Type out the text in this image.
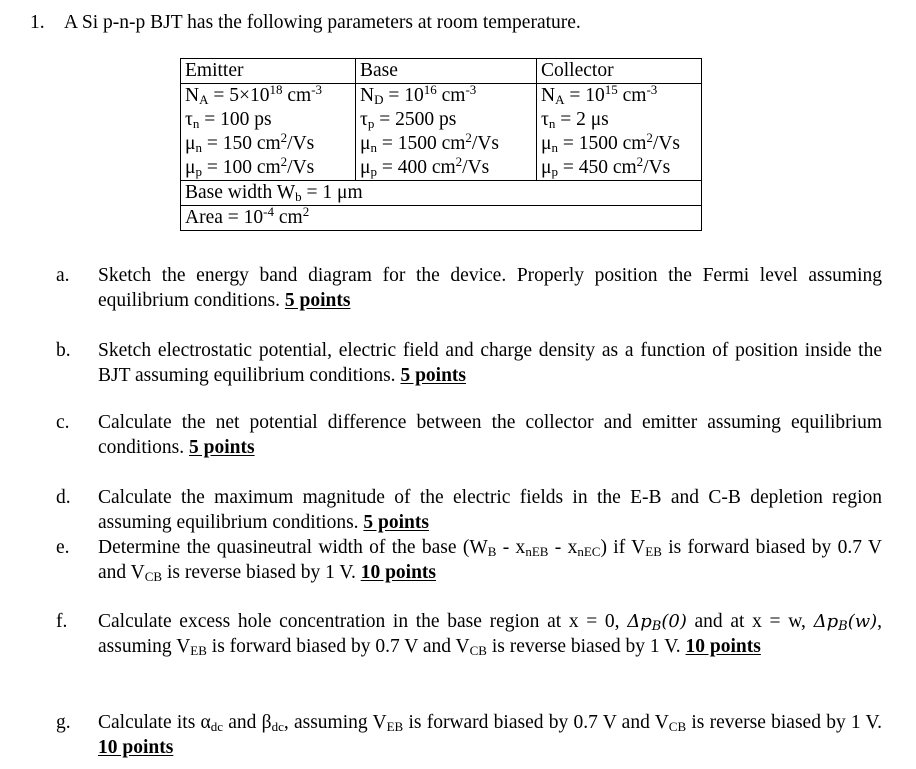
1. A Si p-n-p BJT has the following parameters at room temperature.
Emitter	Base	Collector
$N_A = 5\times 10^{18}$ $cm^{-3}$	$N_D = 10^{16}$ $cm^{-3}$	$N_A = 10^{15}$ $cm^{-3}$
$\tau_n = 100$ ps	$\tau_p = 2500$ ps	$\tau_n = 2$ μs
$\mu_n = 150$ $cm^2/Vs$	$\mu_n = 1500$ $cm^2/Vs$	$\mu_n = 1500$ $cm^2/Vs$
$\mu_p = 100$ $cm^2/Vs$	$\mu_p = 400$ $cm^2/Vs$	$\mu_p = 450$ $cm^2/Vs$
Base width $W_b = 1$ μm		
Area = $10^{-4}$ $cm^2$
a.	Sketch the energy band diagram for the device. Properly position the Fermi level assuming equilibrium conditions. 5 points
b.	Sketch electrostatic potential, electric field and charge density as a function of position inside the BJT assuming equilibrium conditions. 5 points
c.	Calculate the net potential difference between the collector and emitter assuming equilibrium conditions. 5 points
d.	Calculate the maximum magnitude of the electric fields in the E-B and C-B depletion region assuming equilibrium conditions. 5 points
e.	Determine the quasineutral width of the base $(W_B - x_{nEB} - x_{nEC})$ if $V_{EB}$ is forward biased by 0.7 V and $V_{CB}$ is reverse biased by 1 V. 10 points
f.	Calculate excess hole concentration in the base region at x = 0, $\Delta p_B(0)$ and at x = w, $\Delta p_B(w)$, assuming $V_{EB}$ is forward biased by 0.7 V and $V_{CB}$ is reverse biased by 1 V. 10 points
g.	Calculate its $\alpha_{dc}$ and $\beta_{dc}$, assuming $V_{EB}$ is forward biased by 0.7 V and $V_{CB}$ is reverse biased by 1 V. 10 points
